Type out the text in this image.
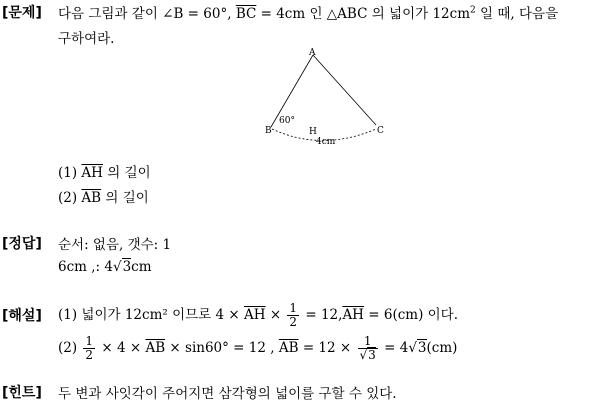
[문제] 다음 그림과 같이 ∠B = 60°, $\overline{BC} = 4cm$ 인 △ABC 의 넓이가 $12cm^2$ 일 때, 다음을
구하여라.
A
B	C
60°
H
4cm
(1) $\overline{AH}$ 의 길이
(2) $\overline{AB}$ 의 길이
[정답] 순서: 없음, 갯수: 1
6cm ,: 4√3cm
[해설] (1) 넓이가 12cm² 이므로 $4 \times \overline{AH} \times \frac{1}{2} = 12,\overline{AH} = 6(cm)$ 이다.
$(2) \frac{1}{2} \times 4 \times \overline{AB} \times \sin 60^\circ = 12$ , $\overline{AB} = 12 \times \frac{1}{√3} = 4√3(cm)$
[힌트] 두 변과 사잇각이 주어지면 삼각형의 넓이를 구할 수 있다.
